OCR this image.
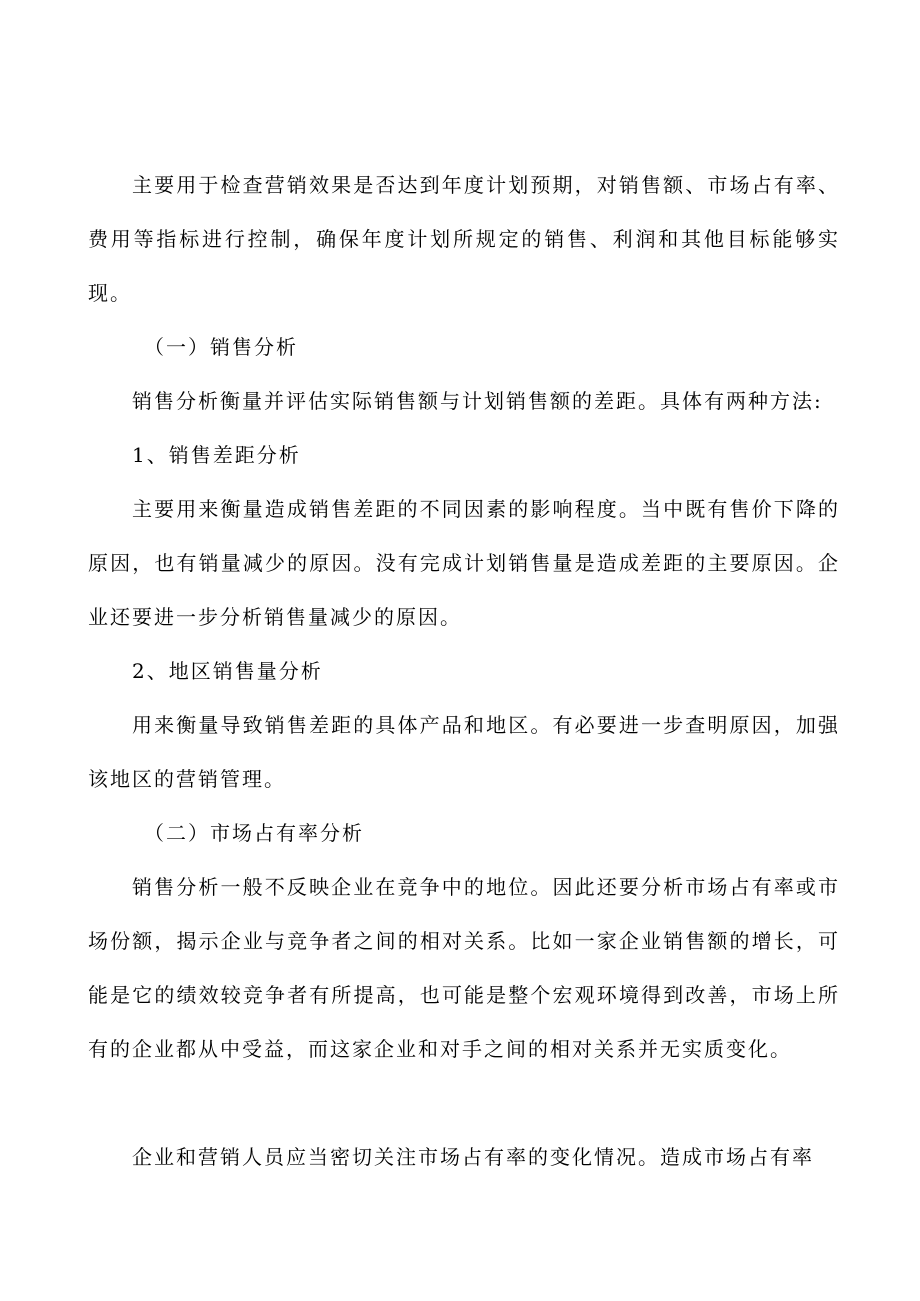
主要用于检查营销效果是否达到年度计划预期，对销售额、市场占有率、费用等指标进行控制，确保年度计划所规定的销售、利润和其他目标能够实现。

（一）销售分析

销售分析衡量并评估实际销售额与计划销售额的差距。具体有两种方法:

1、销售差距分析

主要用来衡量造成销售差距的不同因素的影响程度。当中既有售价下降的原因，也有销量减少的原因。没有完成计划销售量是造成差距的主要原因。企业还要进一步分析销售量减少的原因。

2、地区销售量分析

用来衡量导致销售差距的具体产品和地区。有必要进一步查明原因，加强该地区的营销管理。

（二）市场占有率分析

销售分析一般不反映企业在竞争中的地位。因此还要分析市场占有率或市场份额，揭示企业与竞争者之间的相对关系。比如一家企业销售额的增长，可能是它的绩效较竞争者有所提高，也可能是整个宏观环境得到改善，市场上所有的企业都从中受益，而这家企业和对手之间的相对关系并无实质变化。

企业和营销人员应当密切关注市场占有率的变化情况。造成市场占有率
